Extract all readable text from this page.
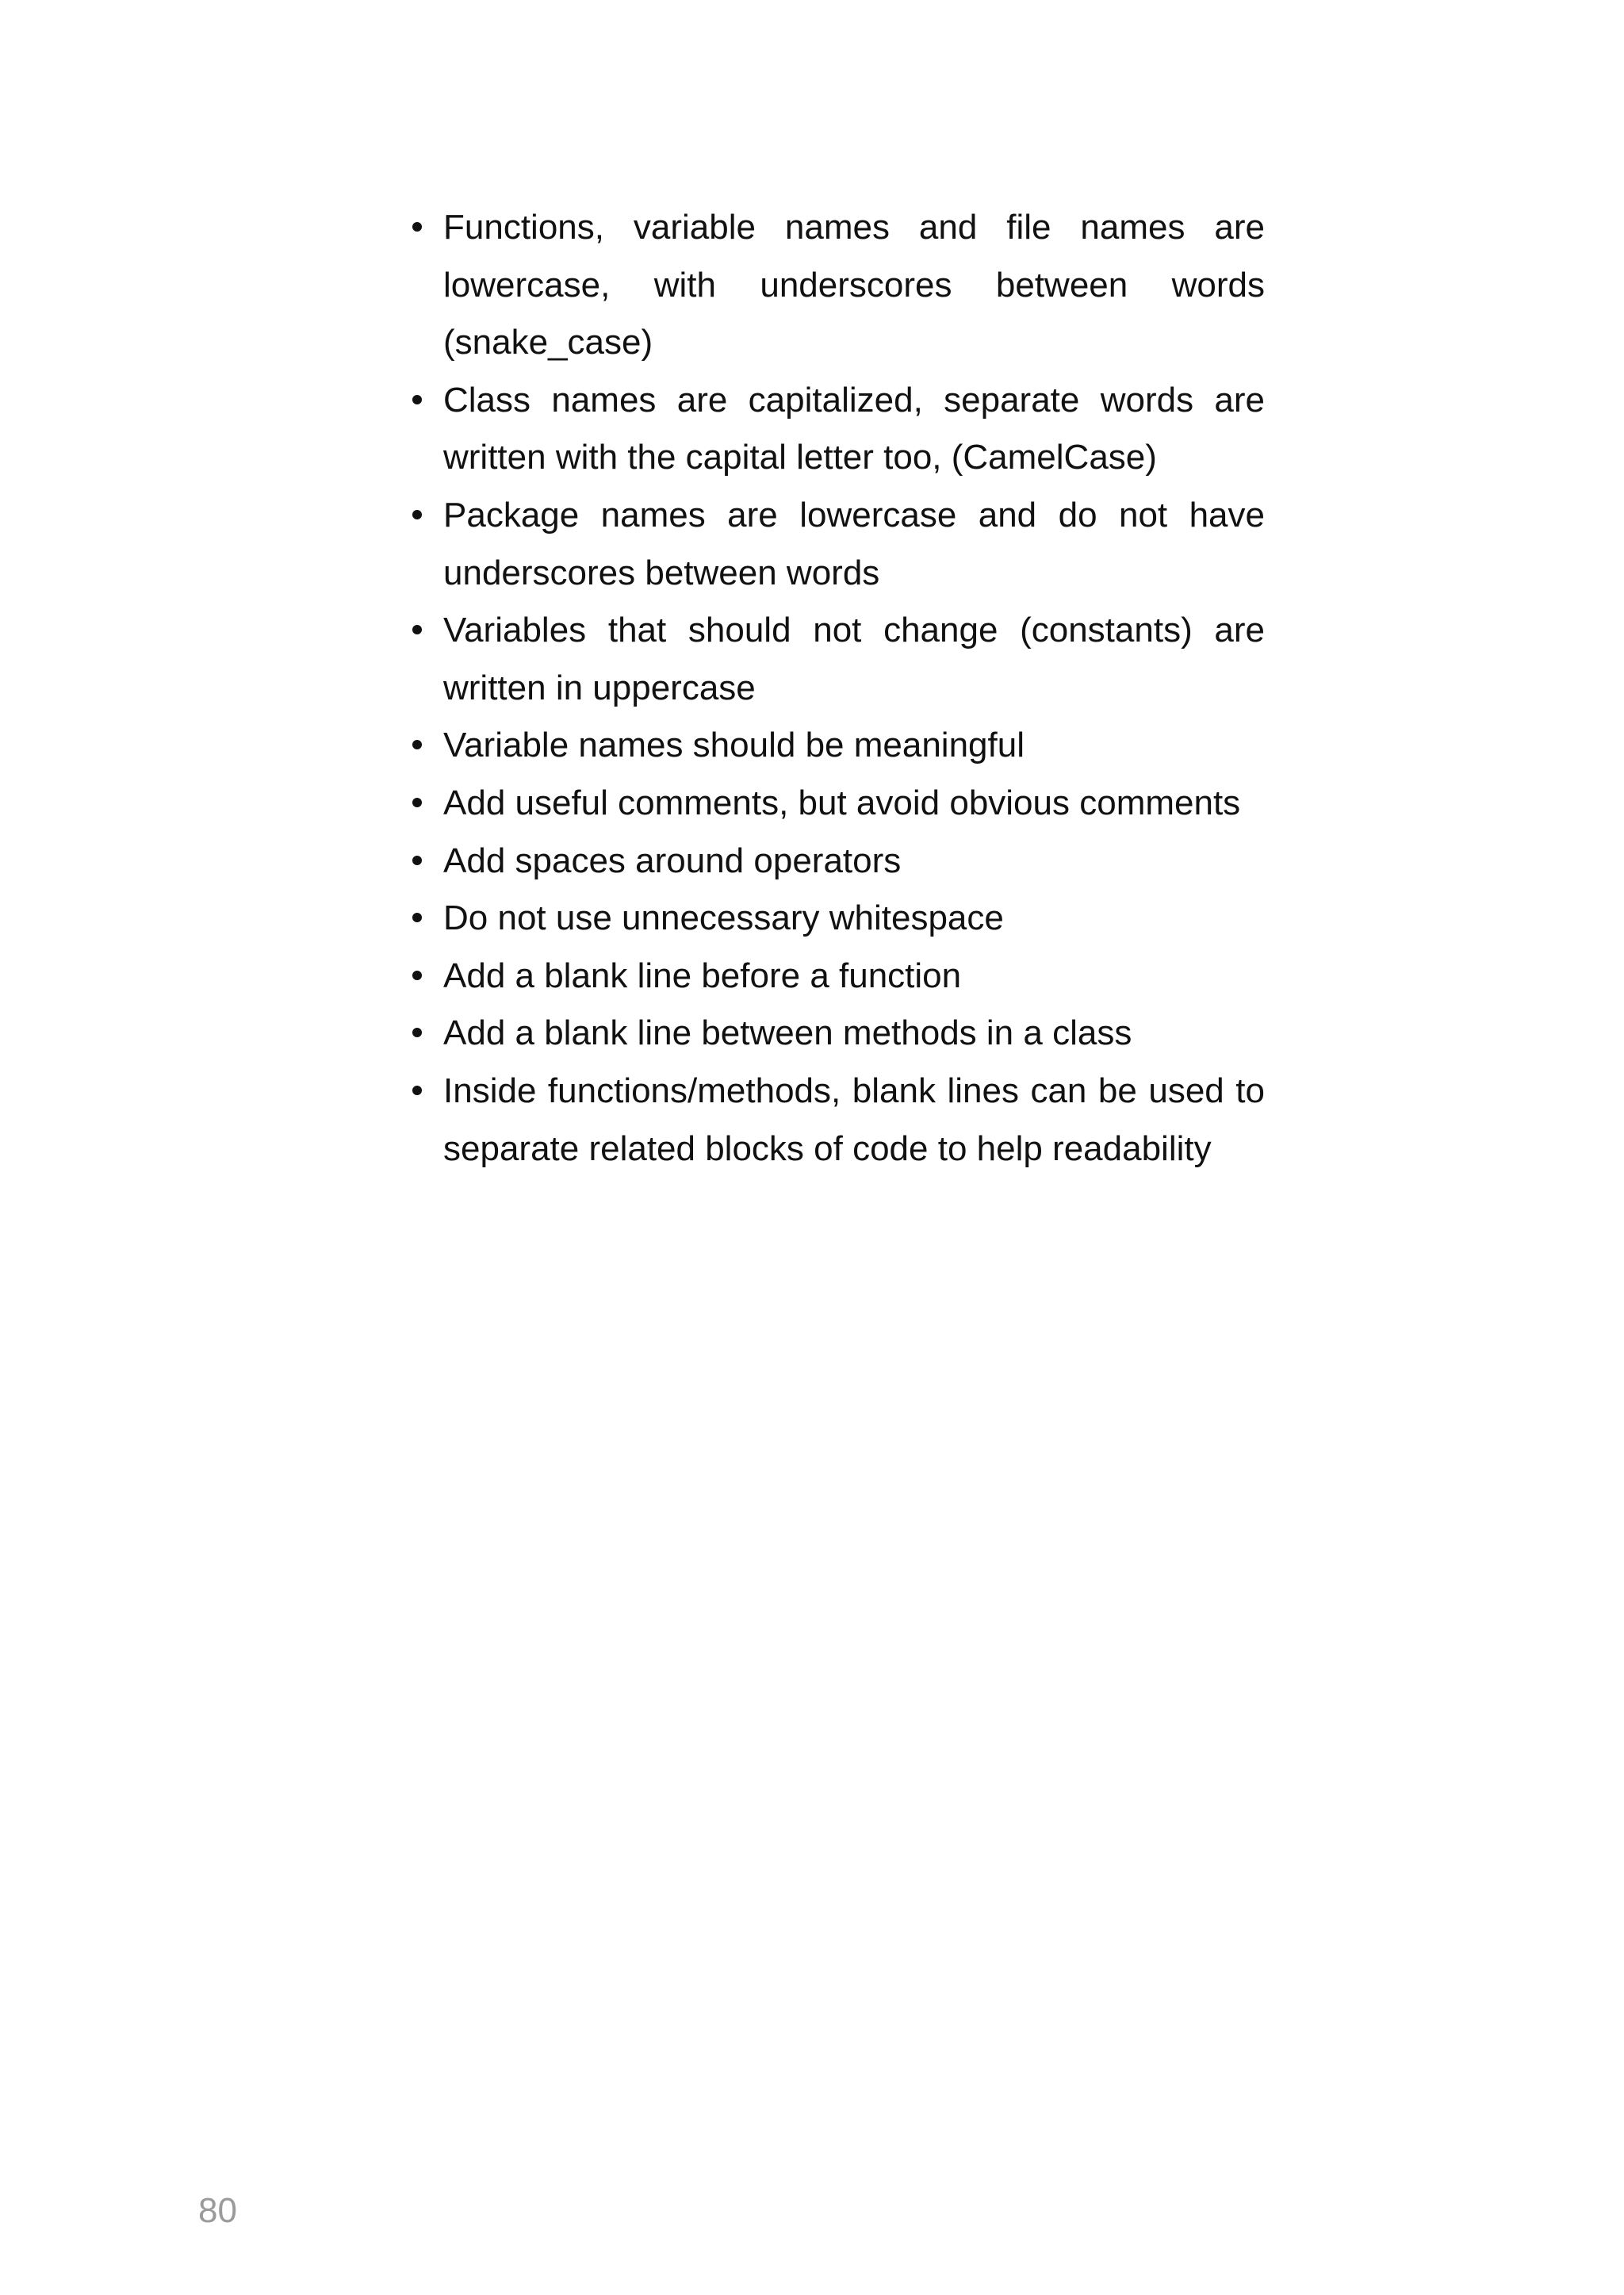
Functions, variable names and file names are lowercase, with underscores between words (snake_case)
Class names are capitalized, separate words are written with the capital letter too, (CamelCase)
Package names are lowercase and do not have underscores between words
Variables that should not change (constants) are written in uppercase
Variable names should be meaningful
Add useful comments, but avoid obvious comments
Add spaces around operators
Do not use unnecessary whitespace
Add a blank line before a function
Add a blank line between methods in a class
Inside functions/methods, blank lines can be used to separate related blocks of code to help readability
80
